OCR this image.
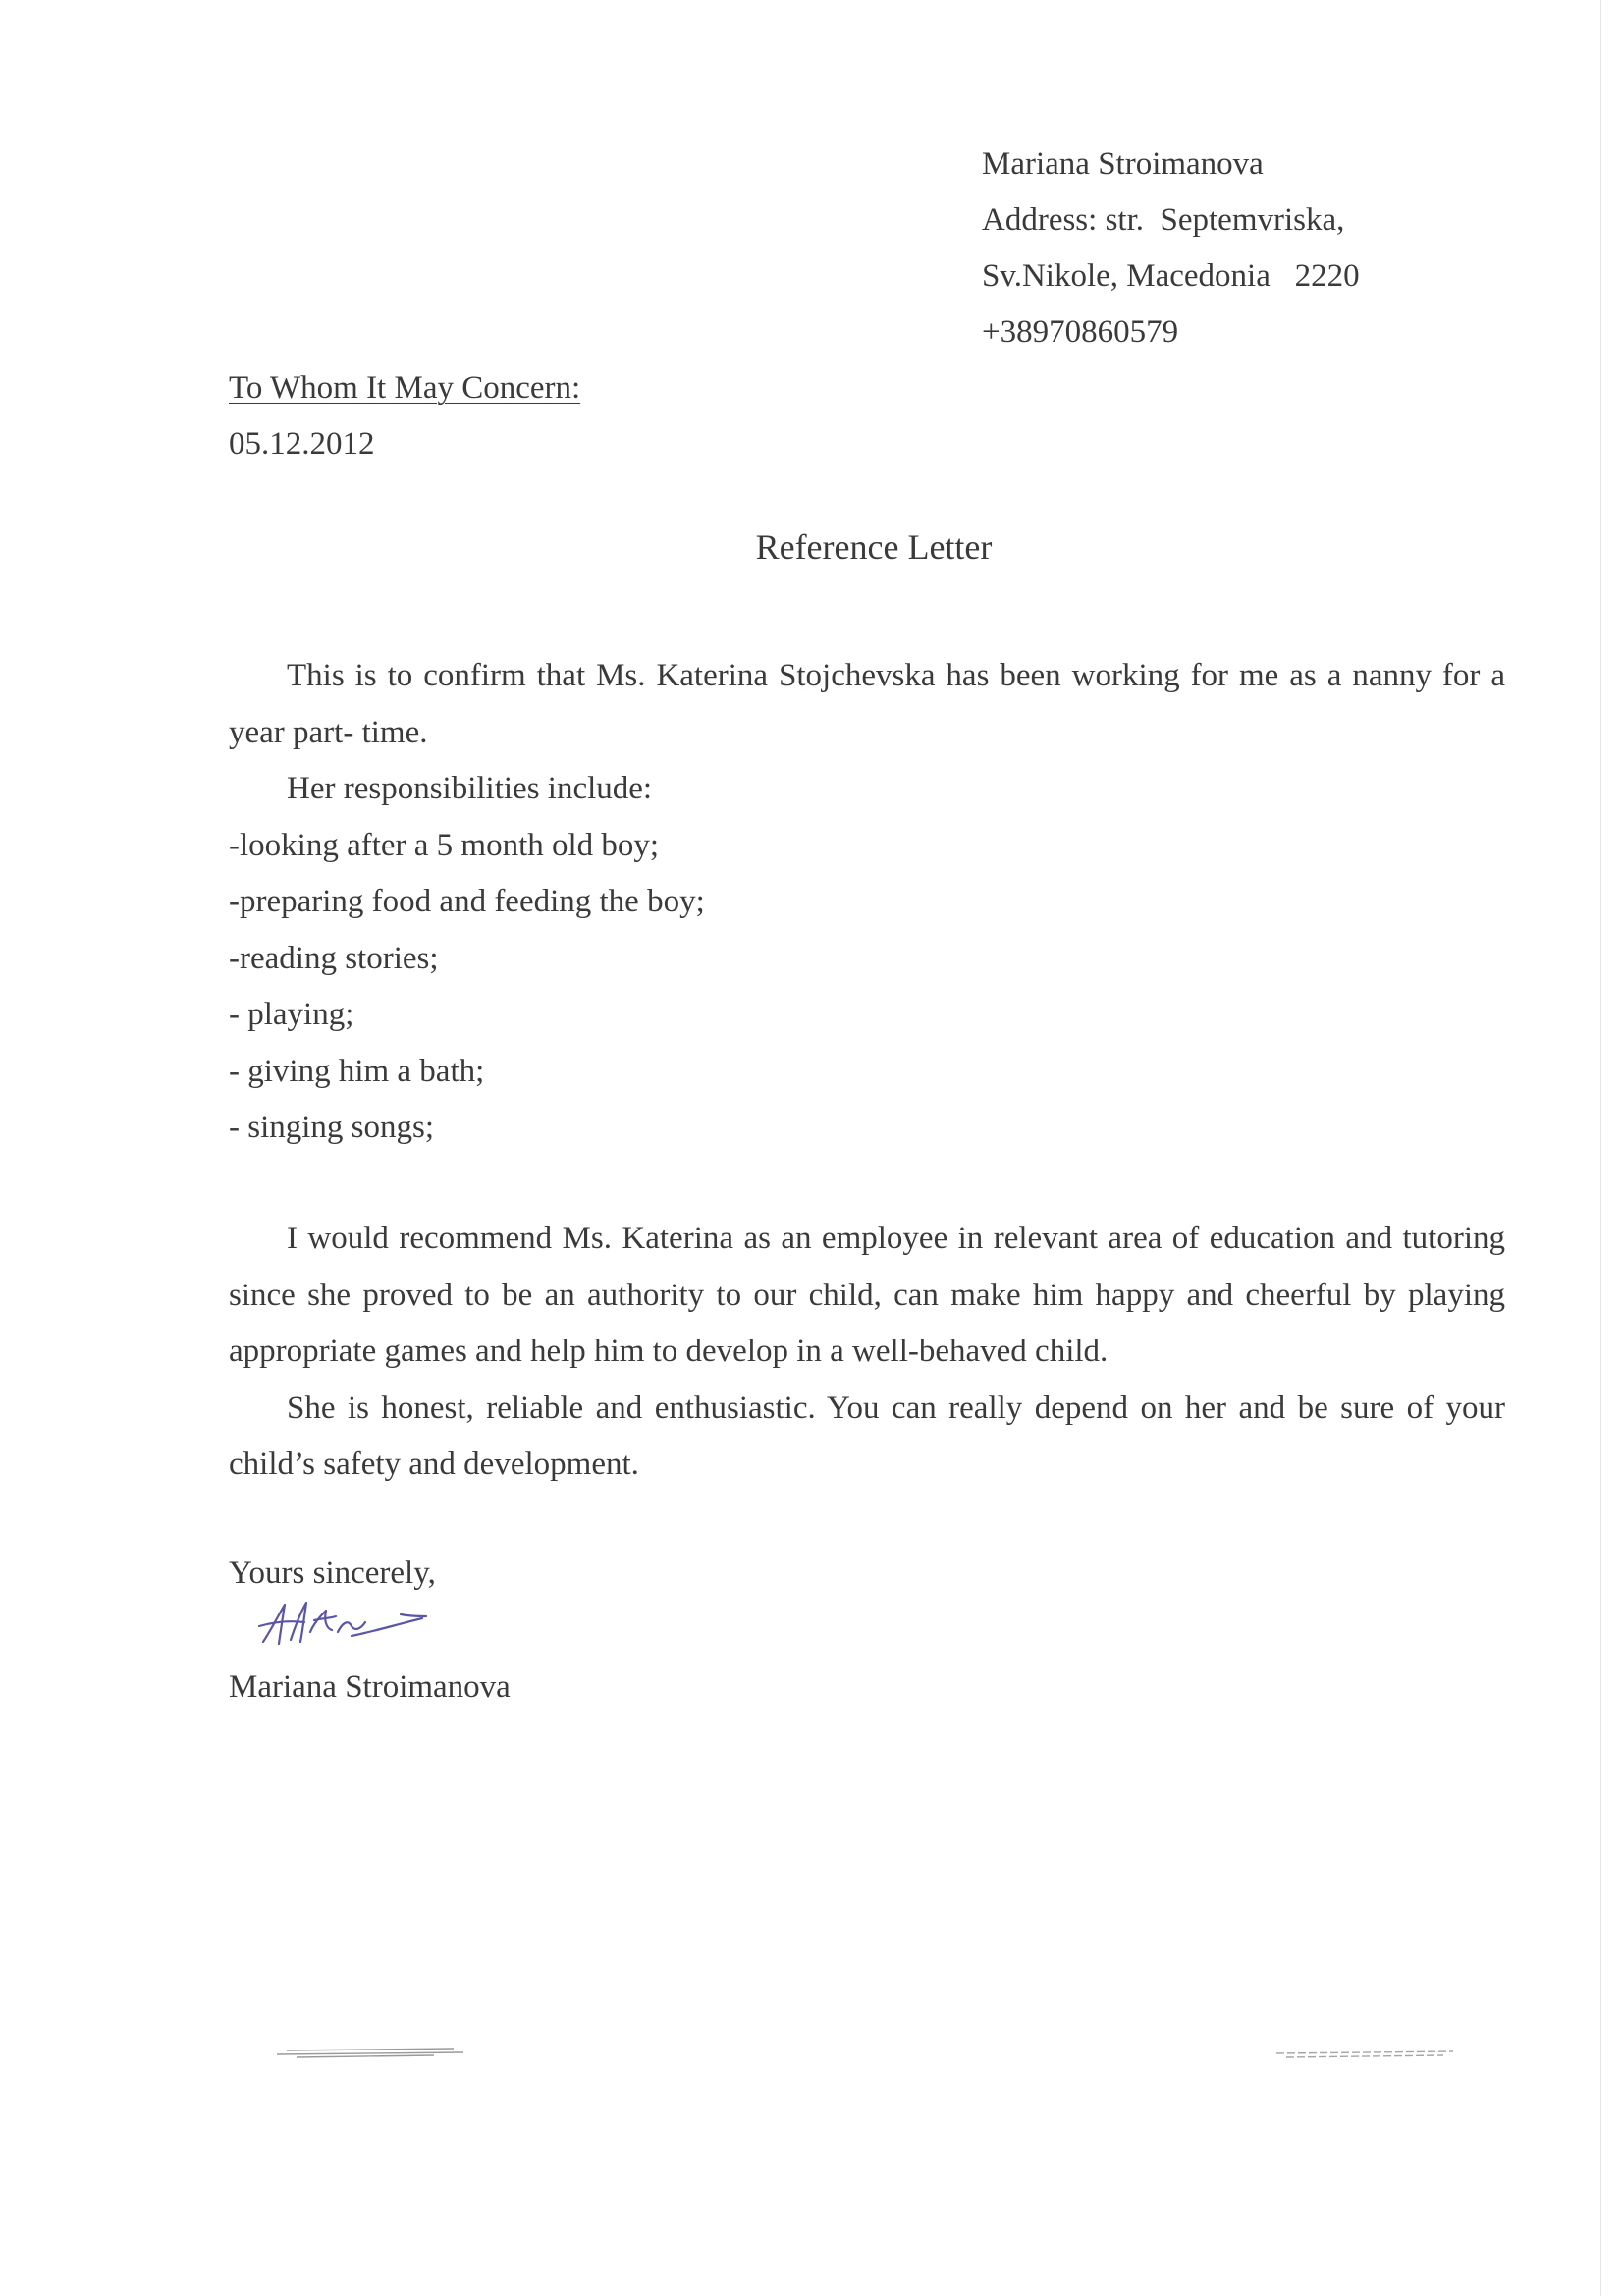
Mariana Stroimanova
Address: str.  Septemvriska,
Sv.Nikole, Macedonia   2220
+38970860579
To Whom It May Concern:
05.12.2012
Reference Letter

This is to confirm that Ms. Katerina Stojchevska has been working for me as a nanny for a year part- time.

Her responsibilities include:

-looking after a 5 month old boy;

-preparing food and feeding the boy;

-reading stories;

- playing;

- giving him a bath;

- singing songs;

I would recommend Ms. Katerina as an employee in relevant area of education and tutoring since she proved to be an authority to our child, can make him happy and cheerful by playing appropriate games and help him to develop in a well-behaved child.

She is honest, reliable and enthusiastic. You can really depend on her and be sure of your child’s safety and development.

Yours sincerely,
Mariana Stroimanova
